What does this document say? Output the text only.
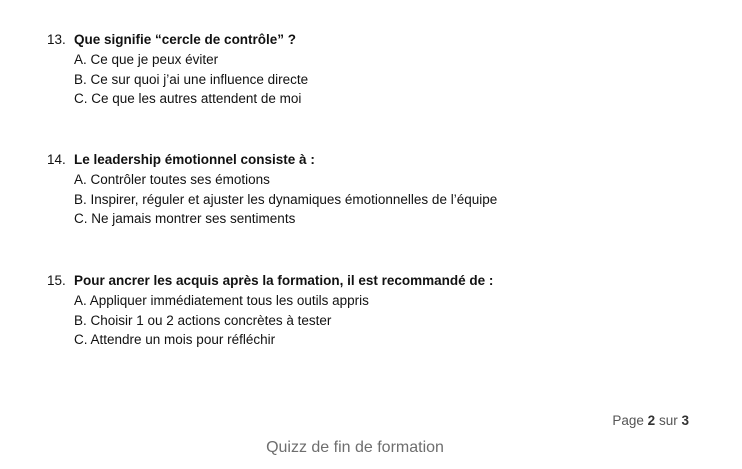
13. Que signifie “cercle de contrôle” ?
A. Ce que je peux éviter
B. Ce sur quoi j’ai une influence directe
C. Ce que les autres attendent de moi
14. Le leadership émotionnel consiste à :
A. Contrôler toutes ses émotions
B. Inspirer, réguler et ajuster les dynamiques émotionnelles de l’équipe
C. Ne jamais montrer ses sentiments
15. Pour ancrer les acquis après la formation, il est recommandé de :
A. Appliquer immédiatement tous les outils appris
B. Choisir 1 ou 2 actions concrètes à tester
C. Attendre un mois pour réfléchir
Page 2 sur 3
Quizz de fin de formation
